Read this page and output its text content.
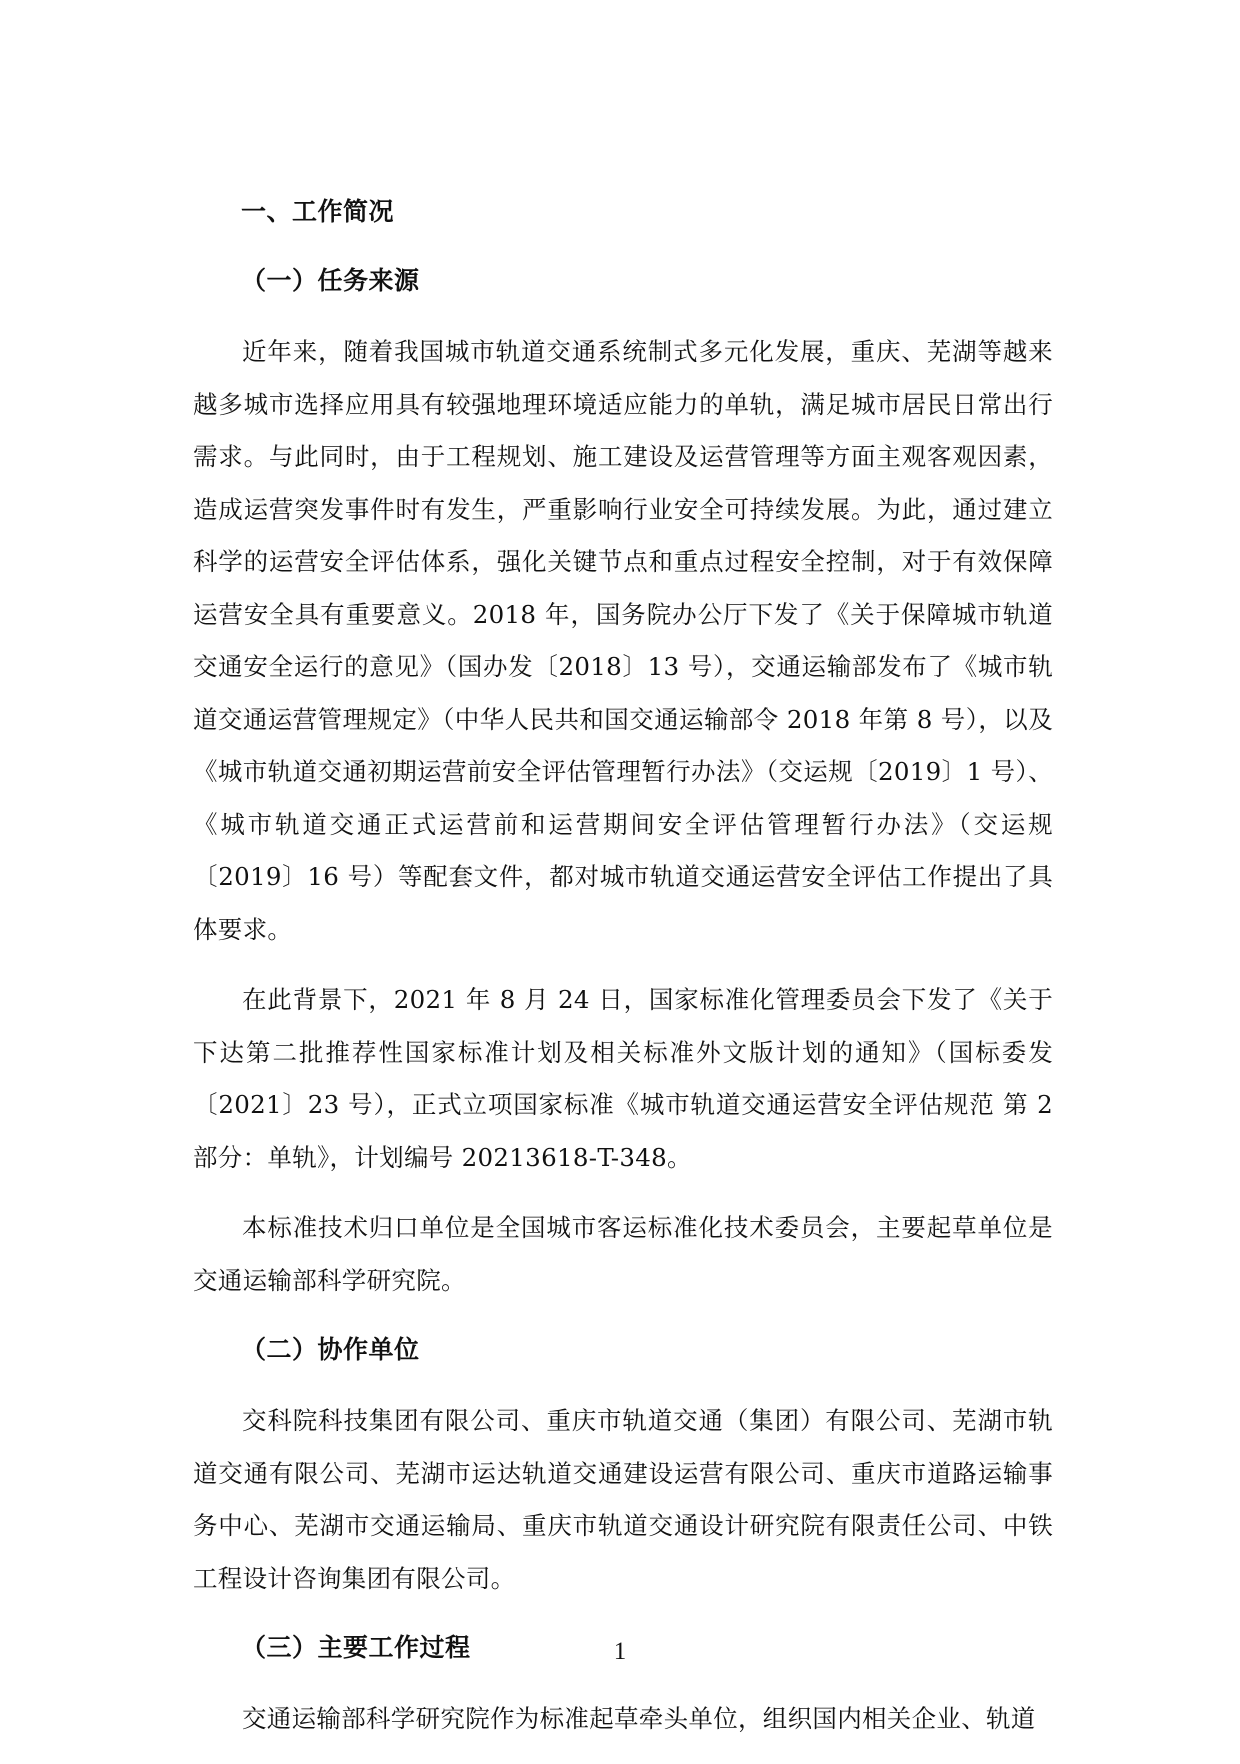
一、工作简况
（一）任务来源

近年来，随着我国城市轨道交通系统制式多元化发展，重庆、芜湖等越来越多城市选择应用具有较强地理环境适应能力的单轨，满足城市居民日常出行需求。与此同时，由于工程规划、施工建设及运营管理等方面主观客观因素，造成运营突发事件时有发生，严重影响行业安全可持续发展。为此，通过建立科学的运营安全评估体系，强化关键节点和重点过程安全控制，对于有效保障运营安全具有重要意义。2018 年，国务院办公厅下发了《关于保障城市轨道交通安全运行的意见》（国办发〔2018〕13 号），交通运输部发布了《城市轨道交通运营管理规定》（中华人民共和国交通运输部令 2018 年第 8 号），以及《城市轨道交通初期运营前安全评估管理暂行办法》（交运规〔2019〕1 号）、《城市轨道交通正式运营前和运营期间安全评估管理暂行办法》（交运规〔2019〕16 号）等配套文件，都对城市轨道交通运营安全评估工作提出了具体要求。

在此背景下，2021 年 8 月 24 日，国家标准化管理委员会下发了《关于下达第二批推荐性国家标准计划及相关标准外文版计划的通知》（国标委发〔2021〕23 号），正式立项国家标准《城市轨道交通运营安全评估规范 第 2 部分：单轨》，计划编号 20213618-T-348。

本标准技术归口单位是全国城市客运标准化技术委员会，主要起草单位是交通运输部科学研究院。

（二）协作单位

交科院科技集团有限公司、重庆市轨道交通（集团）有限公司、芜湖市轨道交通有限公司、芜湖市运达轨道交通建设运营有限公司、重庆市道路运输事务中心、芜湖市交通运输局、重庆市轨道交通设计研究院有限责任公司、中铁工程设计咨询集团有限公司。

（三）主要工作过程

交通运输部科学研究院作为标准起草牵头单位，组织国内相关企业、轨道

1
